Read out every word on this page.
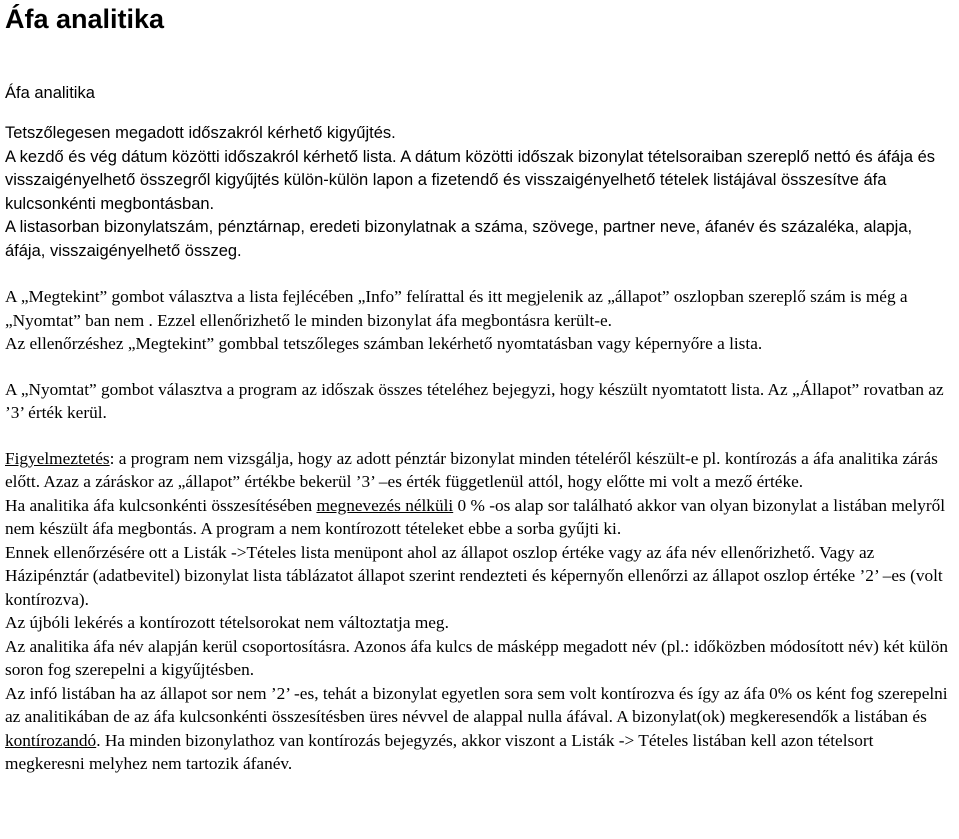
Áfa analitika
Áfa analitika

Tetszőlegesen megadott időszakról kérhető kigyűjtés.

A kezdő és vég dátum közötti időszakról kérhető lista. A dátum közötti időszak bizonylat tételsoraiban szereplő nettó és áfája és visszaigényelhető összegről kigyűjtés külön-külön lapon a fizetendő és visszaigényelhető tételek listájával összesítve áfa kulcsonkénti megbontásban.

A listasorban bizonylatszám, pénztárnap, eredeti bizonylatnak a száma, szövege, partner neve, áfanév és százaléka, alapja, áfája, visszaigényelhető összeg.

A „Megtekint” gombot választva a lista fejlécében „Info” felírattal és itt megjelenik az „állapot” oszlopban szereplő szám is még a „Nyomtat” ban nem . Ezzel ellenőrizhető le minden bizonylat áfa megbontásra került-e.

Az ellenőrzéshez „Megtekint” gombbal tetszőleges számban lekérhető nyomtatásban vagy képernyőre a lista.

A „Nyomtat” gombot választva a program az időszak összes tételéhez bejegyzi, hogy készült nyomtatott lista. Az „Állapot” rovatban az ’3’ érték kerül.

Figyelmeztetés: a program nem vizsgálja, hogy az adott pénztár bizonylat minden tételéről készült-e pl. kontírozás a áfa analitika zárás előtt. Azaz a záráskor az „állapot” értékbe bekerül ’3’ –es érték függetlenül attól, hogy előtte mi volt a mező értéke.

Ha analitika áfa kulcsonkénti összesítésében megnevezés nélküli 0 % -os alap sor található akkor van olyan bizonylat a listában melyről nem készült áfa megbontás. A program a nem kontírozott tételeket ebbe a sorba gyűjti ki.

Ennek ellenőrzésére ott a Listák ->Tételes lista menüpont ahol az állapot oszlop értéke vagy az áfa név ellenőrizhető. Vagy az Házipénztár (adatbevitel) bizonylat lista táblázatot állapot szerint rendezteti és képernyőn ellenőrzi az állapot oszlop értéke ’2’ –es (volt kontírozva).

Az újbóli lekérés a kontírozott tételsorokat nem változtatja meg.

Az analitika áfa név alapján kerül csoportosításra. Azonos áfa kulcs de másképp megadott név (pl.: időközben módosított név) két külön soron fog szerepelni a kigyűjtésben.

Az infó listában ha az állapot sor nem ’2’ -es, tehát a bizonylat egyetlen sora sem volt kontírozva és így az áfa 0% os ként fog szerepelni az analitikában de az áfa kulcsonkénti összesítésben üres névvel de alappal nulla áfával. A bizonylat(ok) megkeresendők a listában és kontírozandó. Ha minden bizonylathoz van kontírozás bejegyzés, akkor viszont a Listák -> Tételes listában kell azon tételsort megkeresni melyhez nem tartozik áfanév.
